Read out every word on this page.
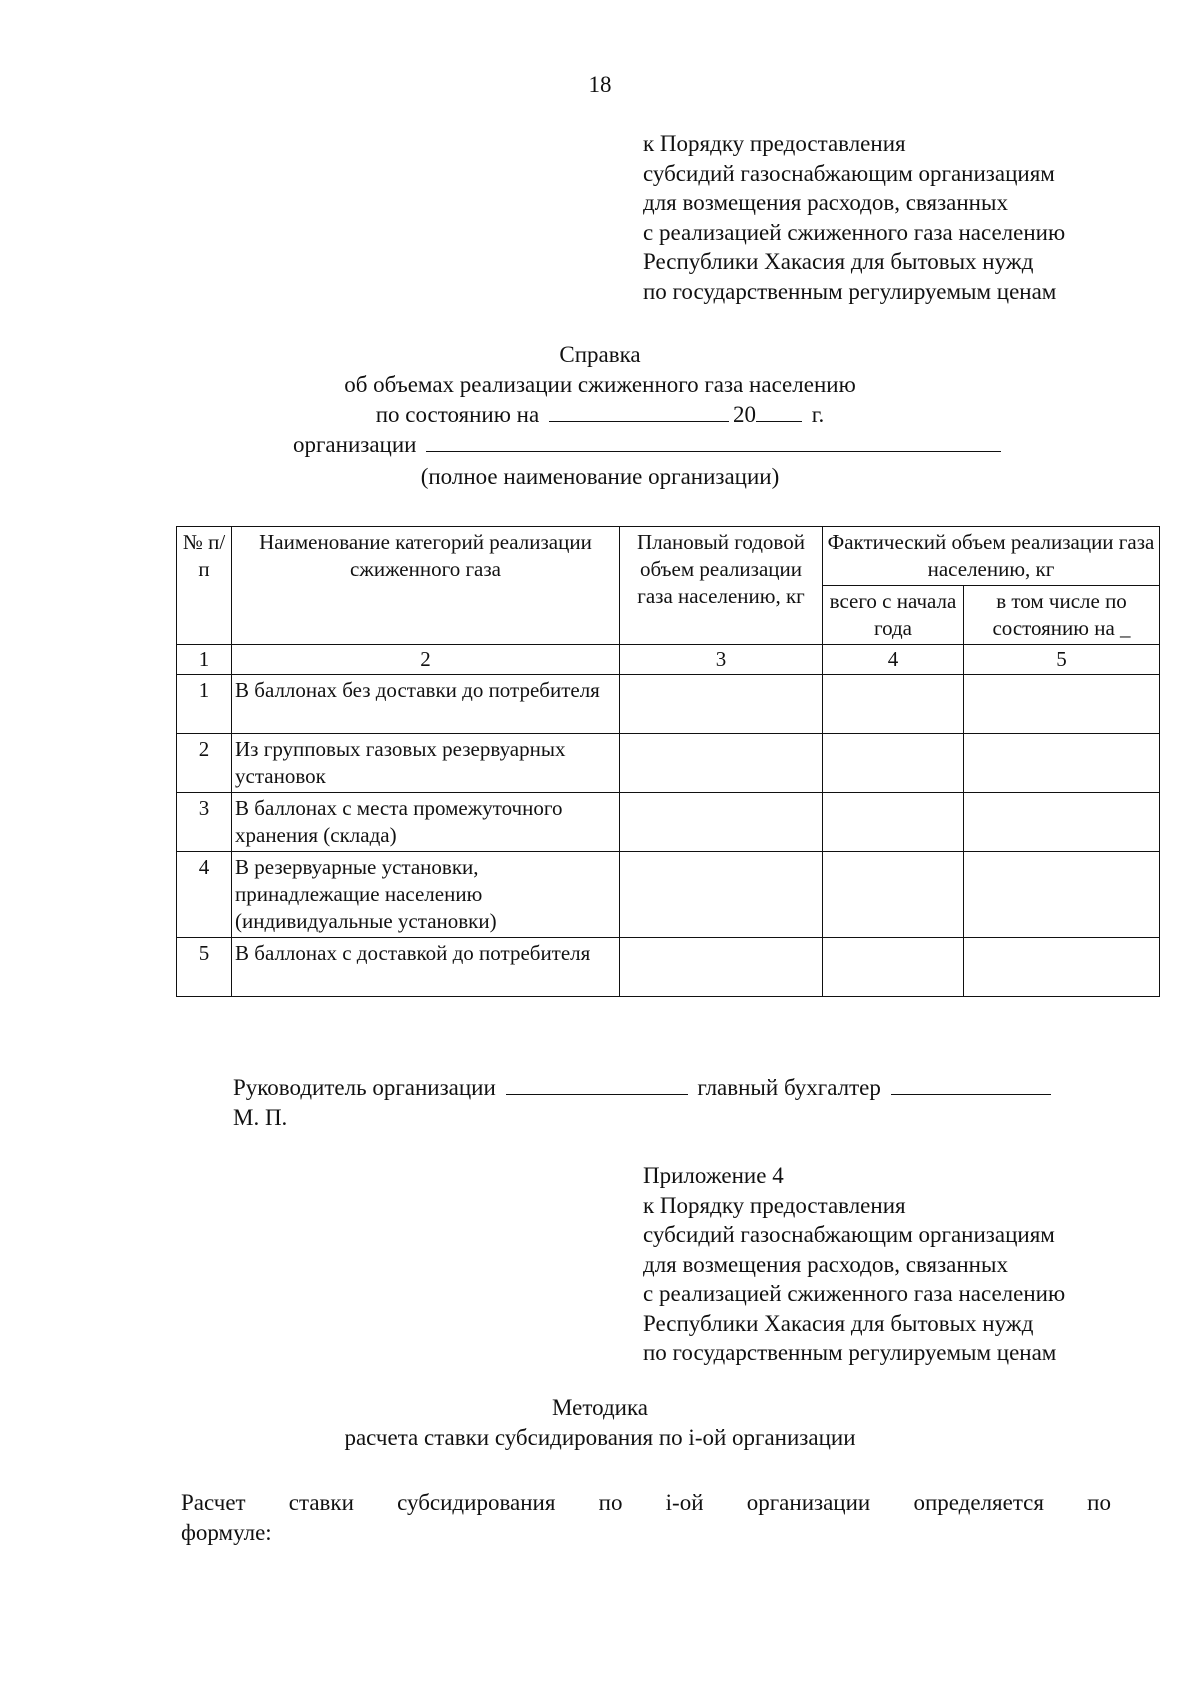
18
к Порядку предоставления
субсидий газоснабжающим организациям
для возмещения расходов, связанных
с реализацией сжиженного газа населению
Республики Хакасия для бытовых нужд
по государственным регулируемым ценам
Справка
об объемах реализации сжиженного газа населению
по состоянию на	20 г.
организации
(полное наименование организации)
№ п/п	Наименование категорий реализации сжиженного газа	Плановый годовой объем реализации газа населению, кг	Фактический объем реализации газа населению, кг	
			всего с начала года	в том числе по состоянию на _
1	2	3	4	5
1	В баллонах без доставки до потребителя			
2	Из групповых газовых резервуарных установок			
3	В баллонах с места промежуточного хранения (склада)			
4	В резервуарные установки, принадлежащие населению (индивидуальные установки)			
5	В баллонах с доставкой до потребителя			
Руководитель организации	главный бухгалтер
М. П.
Приложение 4
к Порядку предоставления
субсидий газоснабжающим организациям
для возмещения расходов, связанных
с реализацией сжиженного газа населению
Республики Хакасия для бытовых нужд
по государственным регулируемым ценам
Методика
расчета ставки субсидирования по i-ой организации
Расчет ставки субсидирования по i-ой организации определяется по
формуле:
